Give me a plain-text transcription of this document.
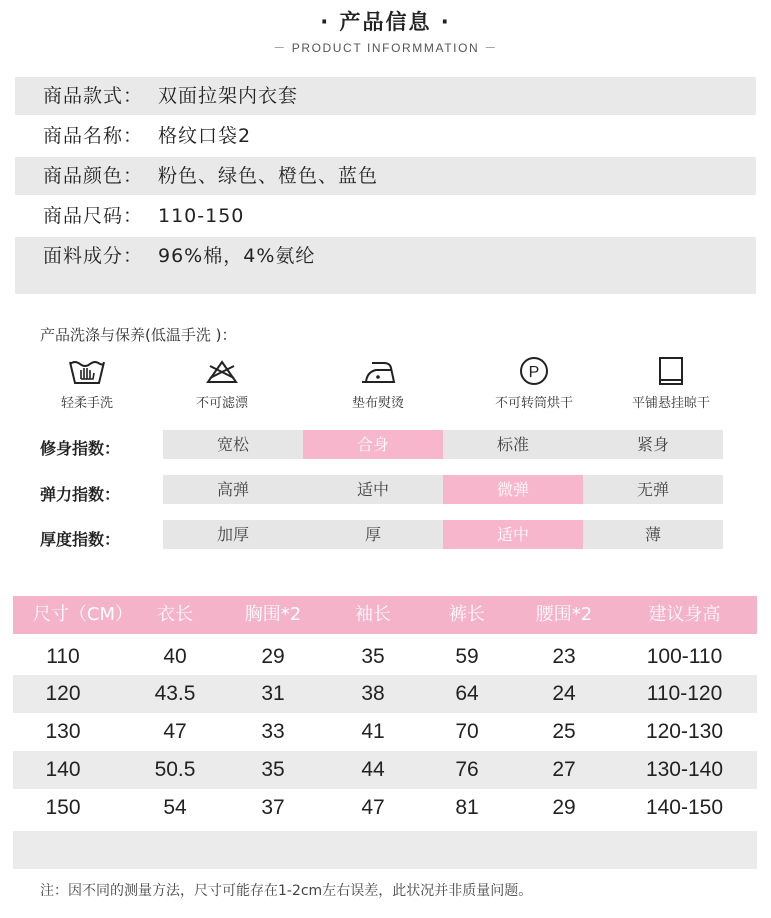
· 产品信息 ·
－ PRODUCT INFORMMATION －
商品款式： 双面拉架内衣套
商品名称： 格纹口袋2
商品颜色： 粉色、绿色、橙色、蓝色
商品尺码： 110-150
面料成分： 96%棉，4%氨纶
产品洗涤与保养(低温手洗 )：
轻柔手洗	不可滤漂	垫布熨烫
P
不可转筒烘干	平铺悬挂晾干
修身指数：	宽松	合身	标准	紧身
弹力指数：	高弹	适中	微弹	无弹
厚度指数：	加厚	厚	适中	薄
尺寸（CM）	衣长	胸围*2	袖长	裤长	腰围*2	建议身高
110	40	29	35	59	23	100-110
120	43.5	31	38	64	24	110-120
130	47	33	41	70	25	120-130
140	50.5	35	44	76	27	130-140
150	54	37	47	81	29	140-150
注：因不同的测量方法，尺寸可能存在1-2cm左右误差，此状况并非质量问题。
